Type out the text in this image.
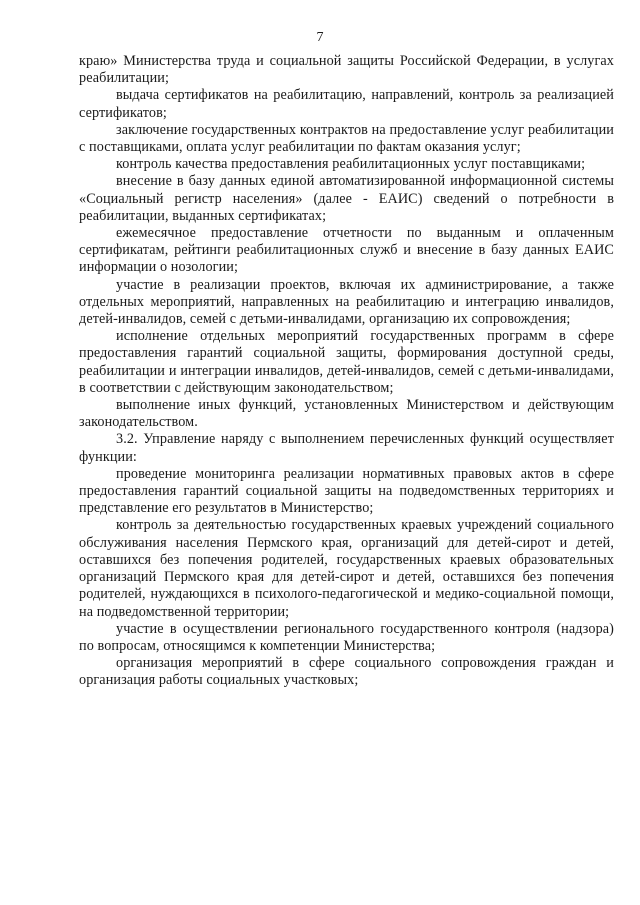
7

краю» Министерства труда и социальной защиты Российской Федерации, в услугах реабилитации;

выдача сертификатов на реабилитацию, направлений, контроль за реализацией сертификатов;

заключение государственных контрактов на предоставление услуг реабилитации с поставщиками, оплата услуг реабилитации по фактам оказания услуг;

контроль качества предоставления реабилитационных услуг поставщиками;

внесение в базу данных единой автоматизированной информационной системы «Социальный регистр населения» (далее - ЕАИС) сведений о потребности в реабилитации, выданных сертификатах;

ежемесячное предоставление отчетности по выданным и оплаченным сертификатам, рейтинги реабилитационных служб и внесение в базу данных ЕАИС информации о нозологии;

участие в реализации проектов, включая их администрирование, а также отдельных мероприятий, направленных на реабилитацию и интеграцию инвалидов, детей-инвалидов, семей с детьми-инвалидами, организацию их сопровождения;

исполнение отдельных мероприятий государственных программ в сфере предоставления гарантий социальной защиты, формирования доступной среды, реабилитации и интеграции инвалидов, детей-инвалидов, семей с детьми-инвалидами, в соответствии с действующим законодательством;

выполнение иных функций, установленных Министерством и действующим законодательством.

3.2. Управление наряду с выполнением перечисленных функций осуществляет функции:

проведение мониторинга реализации нормативных правовых актов в сфере предоставления гарантий социальной защиты на подведомственных территориях и представление его результатов в Министерство;

контроль за деятельностью государственных краевых учреждений социального обслуживания населения Пермского края, организаций для детей-сирот и детей, оставшихся без попечения родителей, государственных краевых образовательных организаций Пермского края для детей-сирот и детей, оставшихся без попечения родителей, нуждающихся в психолого-педагогической и медико-социальной помощи, на подведомственной территории;

участие в осуществлении регионального государственного контроля (надзора) по вопросам, относящимся к компетенции Министерства;

организация мероприятий в сфере социального сопровождения граждан и организация работы социальных участковых;
